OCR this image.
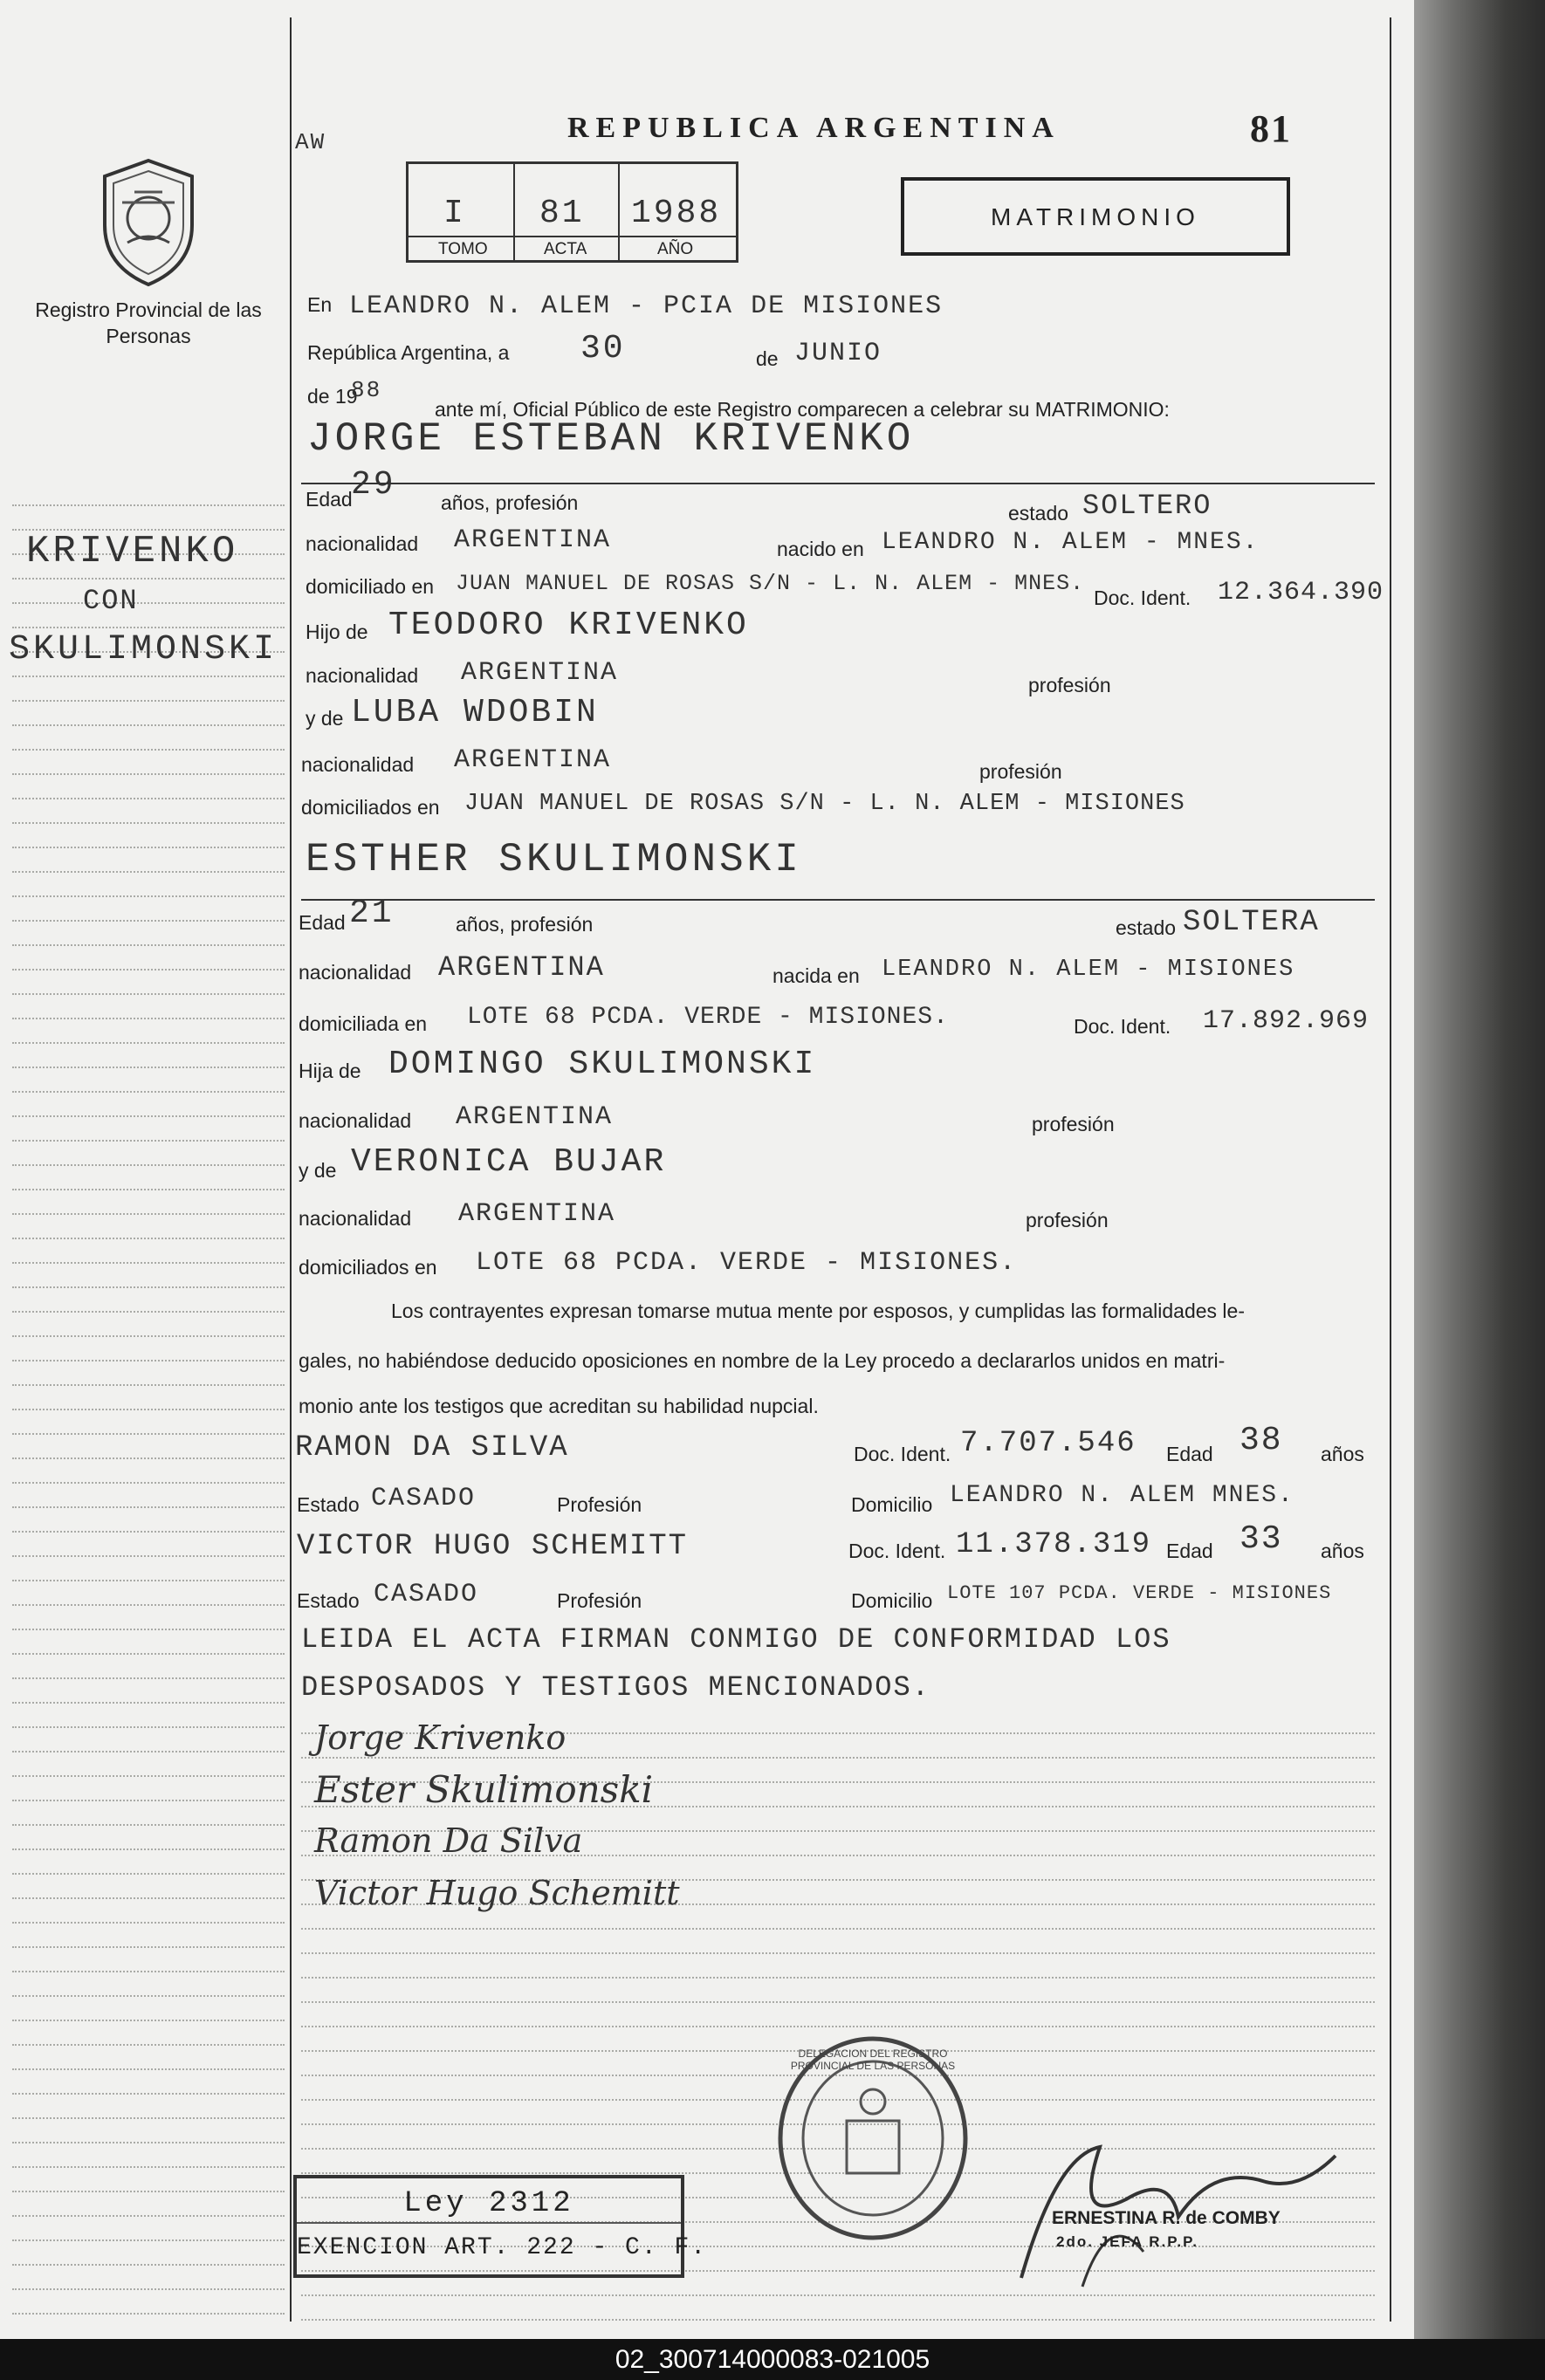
AW	REPUBLICA ARGENTINA	81
Registro Provincial de las Personas
I 81 1988
TOMO	ACTA	AÑO
MATRIMONIO
KRIVENKO
CON
SKULIMONSKI
En LEANDRO N. ALEM - PCIA DE MISIONES
República Argentina, a 30	de JUNIO
de 19
88
ante mí, Oficial Público de este Registro comparecen a celebrar su MATRIMONIO:
JORGE ESTEBAN KRIVENKO
Edad
29 años, profesión	estado SOLTERO
nacionalidad ARGENTINA	nacido en LEANDRO N. ALEM - MNES.
domiciliado en JUAN MANUEL DE ROSAS S/N - L. N. ALEM - MNES.
Doc. Ident. 12.364.390
Hijo de TEODORO KRIVENKO
nacionalidad ARGENTINA	profesión
y de LUBA WDOBIN
nacionalidad ARGENTINA	profesión
domiciliados en JUAN MANUEL DE ROSAS S/N - L. N. ALEM - MISIONES
ESTHER SKULIMONSKI
Edad 21	años, profesión	estado SOLTERA
nacionalidad ARGENTINA	nacida en LEANDRO N. ALEM - MISIONES
domiciliada en LOTE 68 PCDA. VERDE - MISIONES.	Doc. Ident. 17.892.969
Hija de DOMINGO SKULIMONSKI
nacionalidad ARGENTINA	profesión
y de VERONICA BUJAR
nacionalidad ARGENTINA	profesión
domiciliados en LOTE 68 PCDA. VERDE - MISIONES.
Los contrayentes expresan tomarse mutua mente por esposos, y cumplidas las formalidades le-
gales, no habiéndose deducido oposiciones en nombre de la Ley procedo a declararlos unidos en matri-
monio ante los testigos que acreditan su habilidad nupcial.
RAMON DA SILVA	Doc. Ident. 7.707.546 Edad 38 años
Estado CASADO	Profesión	Domicilio LEANDRO N. ALEM MNES.
VICTOR HUGO SCHEMITT	Doc. Ident. 11.378.319 Edad 33 años
Estado CASADO	Profesión	Domicilio LOTE 107 PCDA. VERDE - MISIONES
LEIDA EL ACTA FIRMAN CONMIGO DE CONFORMIDAD LOS
DESPOSADOS Y TESTIGOS MENCIONADOS.
Jorge Krivenko
Ester Skulimonski
Ramon Da Silva
Victor Hugo Schemitt
DELEGACION DEL REGISTRO PROVINCIAL DE LAS PERSONAS
Ley 2312
EXENCION ART. 222 - C. F.
ERNESTINA R. de COMBY
2do. JEFA R.P.P.
02_300714000083-021005
